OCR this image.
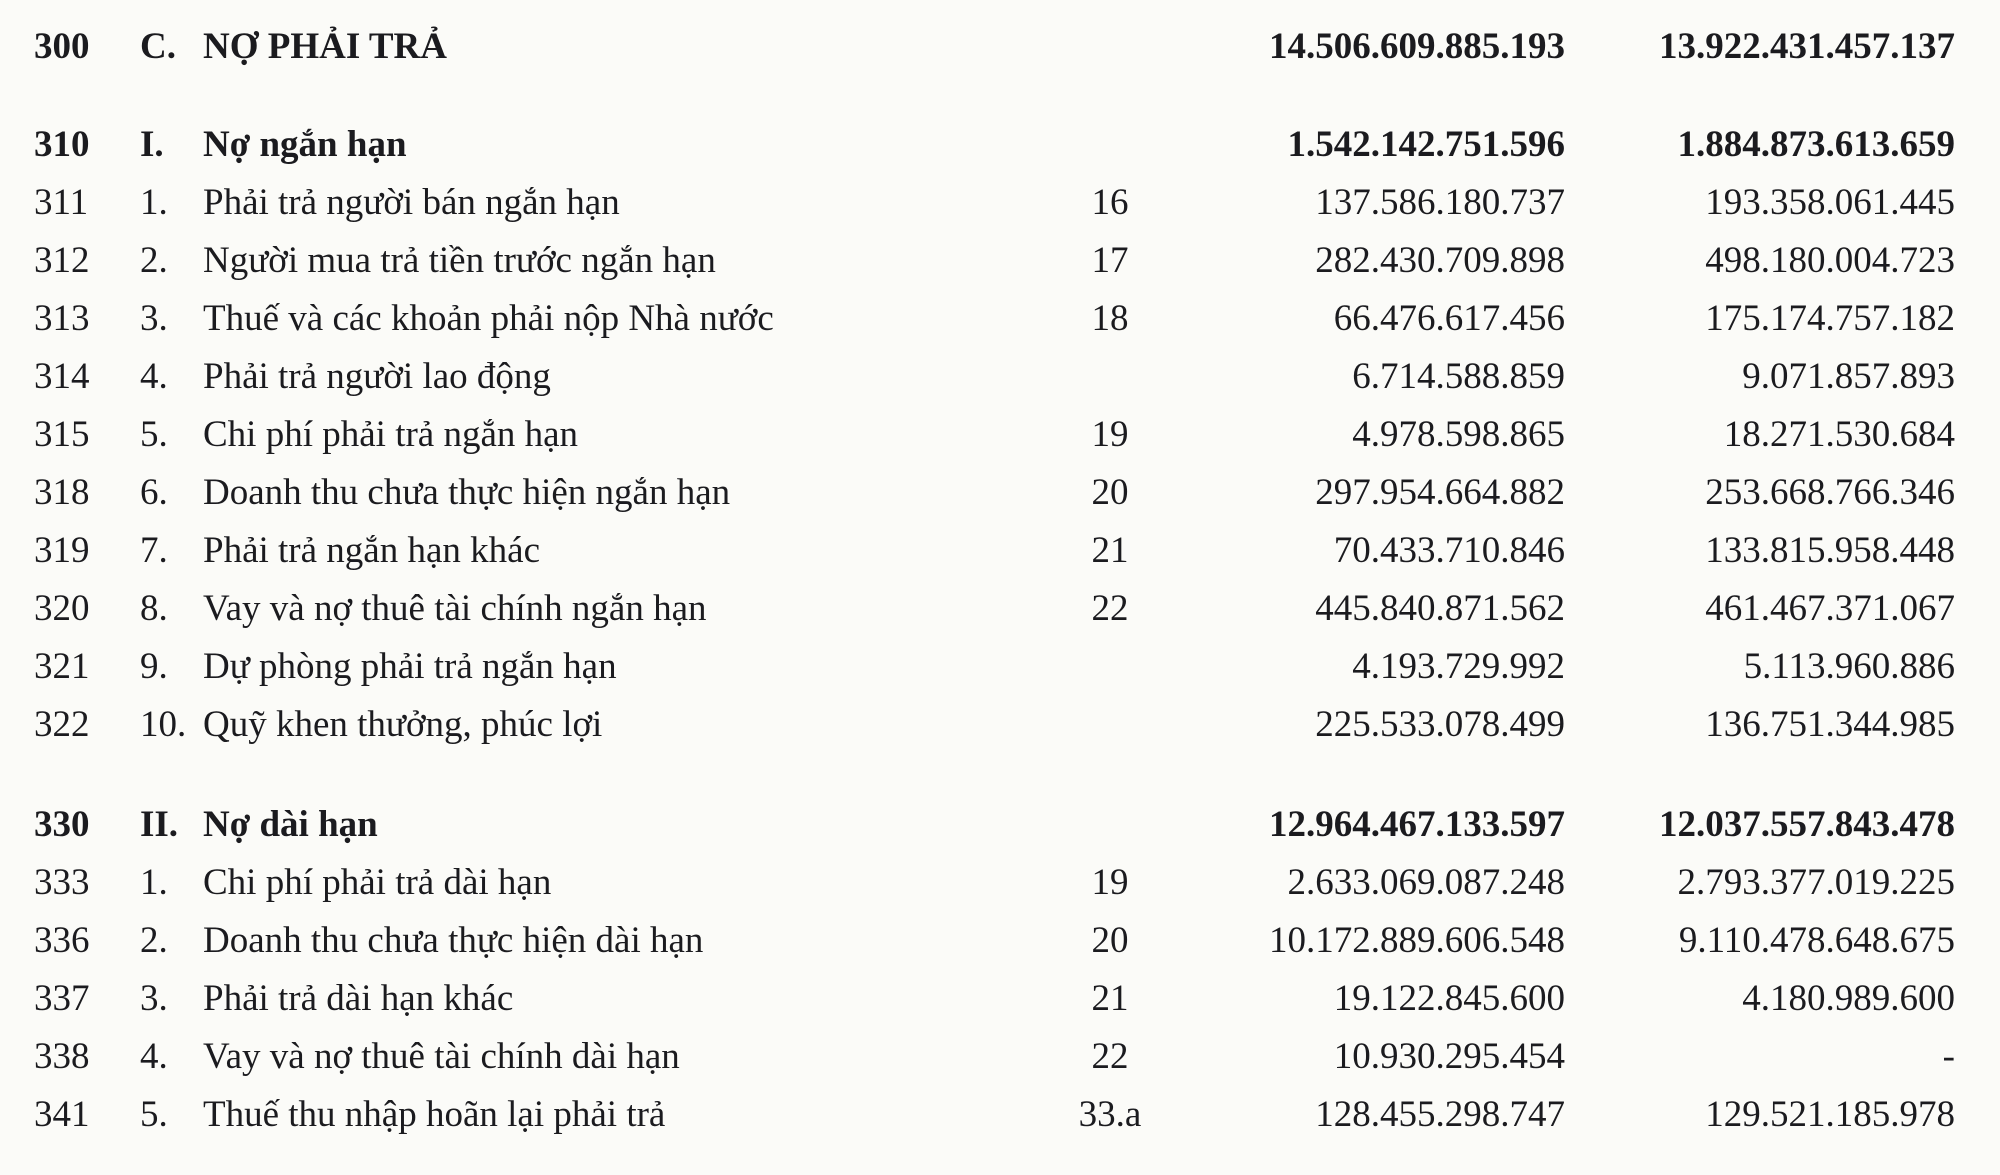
300	C. NỢ PHẢI TRẢ	14.506.609.885.193	13.922.431.457.137
310	I.	Nợ ngắn hạn	1.542.142.751.596	1.884.873.613.659
311	1. Phải trả người bán ngắn hạn	16	137.586.180.737	193.358.061.445
312	2. Người mua trả tiền trước ngắn hạn	17	282.430.709.898	498.180.004.723
313	3. Thuế và các khoản phải nộp Nhà nước	18	66.476.617.456	175.174.757.182
314	4. Phải trả người lao động	6.714.588.859	9.071.857.893
315	5. Chi phí phải trả ngắn hạn	19	4.978.598.865	18.271.530.684
318	6. Doanh thu chưa thực hiện ngắn hạn	20	297.954.664.882	253.668.766.346
319	7. Phải trả ngắn hạn khác	21	70.433.710.846	133.815.958.448
320	8. Vay và nợ thuê tài chính ngắn hạn	22	445.840.871.562	461.467.371.067
321	9. Dự phòng phải trả ngắn hạn	4.193.729.992	5.113.960.886
322	10. Quỹ khen thưởng, phúc lợi	225.533.078.499	136.751.344.985
330	II. Nợ dài hạn	12.964.467.133.597	12.037.557.843.478
333	1. Chi phí phải trả dài hạn	19	2.633.069.087.248	2.793.377.019.225
336	2. Doanh thu chưa thực hiện dài hạn	20	10.172.889.606.548	9.110.478.648.675
337	3. Phải trả dài hạn khác	21	19.122.845.600	4.180.989.600
338	4. Vay và nợ thuê tài chính dài hạn	22	10.930.295.454	-
341	5. Thuế thu nhập hoãn lại phải trả	33.a	128.455.298.747	129.521.185.978
